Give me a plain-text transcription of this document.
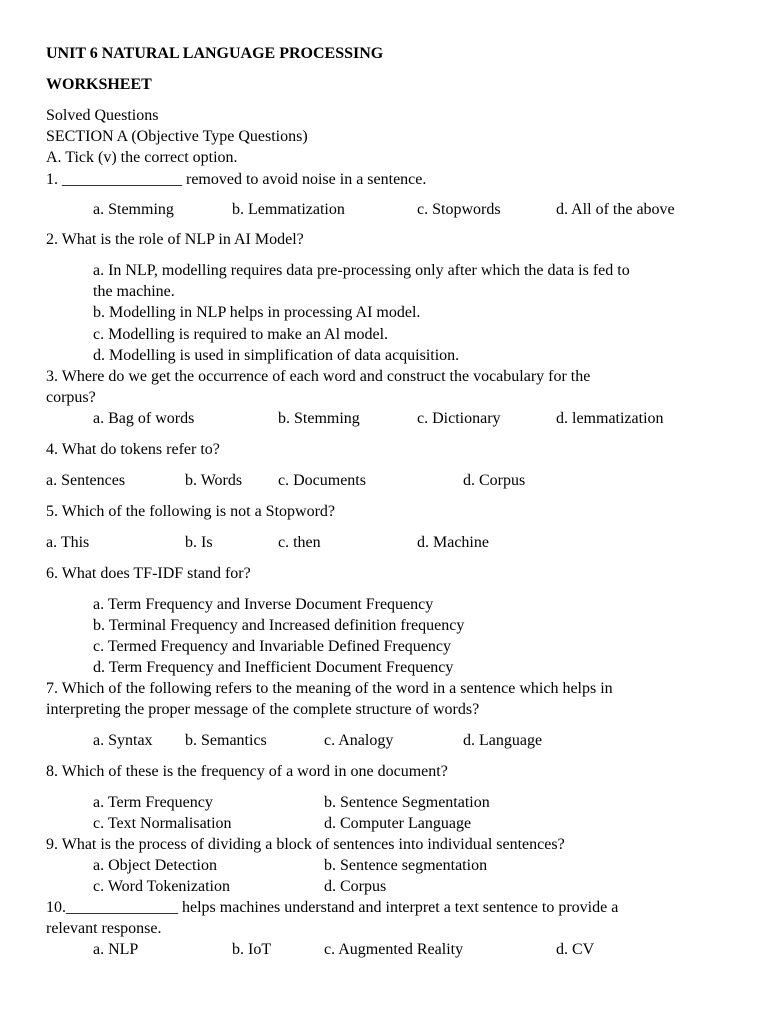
UNIT 6 NATURAL LANGUAGE PROCESSING
WORKSHEET
Solved Questions
SECTION A (Objective Type Questions)
A. Tick (v) the correct option.
1. _______________ removed to avoid noise in a sentence.
a. Stemming	b. Lemmatization	c. Stopwords	d. All of the above
2. What is the role of NLP in AI Model?
a. In NLP, modelling requires data pre-processing only after which the data is fed to
the machine.
b. Modelling in NLP helps in processing AI model.
c. Modelling is required to make an Al model.
d. Modelling is used in simplification of data acquisition.
3. Where do we get the occurrence of each word and construct the vocabulary for the
corpus?
a. Bag of words	b. Stemming	c. Dictionary	d. lemmatization
4. What do tokens refer to?
a. Sentences	b. Words c. Documents	d. Corpus
5. Which of the following is not a Stopword?
a. This	b. Is	c. then	d. Machine
6. What does TF-IDF stand for?
a. Term Frequency and Inverse Document Frequency
b. Terminal Frequency and Increased definition frequency
c. Termed Frequency and Invariable Defined Frequency
d. Term Frequency and Inefficient Document Frequency
7. Which of the following refers to the meaning of the word in a sentence which helps in
interpreting the proper message of the complete structure of words?
a. Syntax b. Semantics	c. Analogy	d. Language
8. Which of these is the frequency of a word in one document?
a. Term Frequency	b. Sentence Segmentation
c. Text Normalisation	d. Computer Language
9. What is the process of dividing a block of sentences into individual sentences?
a. Object Detection	b. Sentence segmentation
c. Word Tokenization	d. Corpus
10.______________ helps machines understand and interpret a text sentence to provide a
relevant response.
a. NLP	b. IoT	c. Augmented Reality	d. CV
